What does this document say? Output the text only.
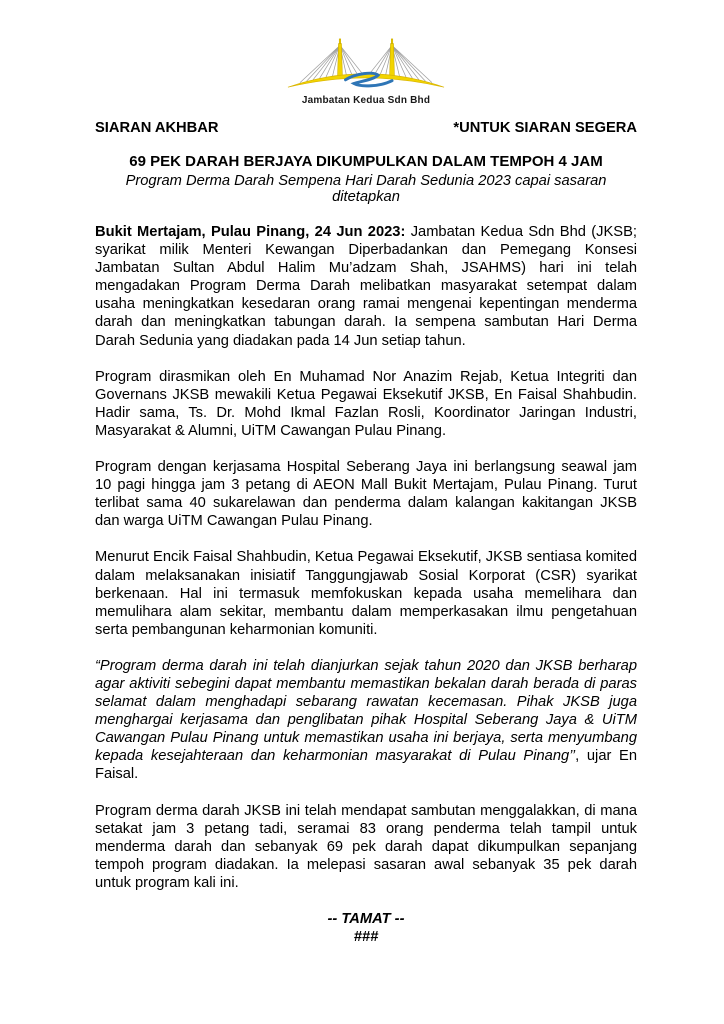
Jambatan Kedua Sdn Bhd
SIARAN AKHBAR	*UNTUK SIARAN SEGERA
69 PEK DARAH BERJAYA DIKUMPULKAN DALAM TEMPOH 4 JAM
Program Derma Darah Sempena Hari Darah Sedunia 2023 capai sasaran ditetapkan

Bukit Mertajam, Pulau Pinang, 24 Jun 2023: Jambatan Kedua Sdn Bhd (JKSB; syarikat milik Menteri Kewangan Diperbadankan dan Pemegang Konsesi Jambatan Sultan Abdul Halim Mu’adzam Shah, JSAHMS) hari ini telah mengadakan Program Derma Darah melibatkan masyarakat setempat dalam usaha meningkatkan kesedaran orang ramai mengenai kepentingan menderma darah dan meningkatkan tabungan darah. Ia sempena sambutan Hari Derma Darah Sedunia yang diadakan pada 14 Jun setiap tahun.

Program dirasmikan oleh En Muhamad Nor Anazim Rejab, Ketua Integriti dan Governans JKSB mewakili Ketua Pegawai Eksekutif JKSB, En Faisal Shahbudin. Hadir sama, Ts. Dr. Mohd Ikmal Fazlan Rosli, Koordinator Jaringan Industri, Masyarakat & Alumni, UiTM Cawangan Pulau Pinang.

Program dengan kerjasama Hospital Seberang Jaya ini berlangsung seawal jam 10 pagi hingga jam 3 petang di AEON Mall Bukit Mertajam, Pulau Pinang. Turut terlibat sama 40 sukarelawan dan penderma dalam kalangan kakitangan JKSB dan warga UiTM Cawangan Pulau Pinang.

Menurut Encik Faisal Shahbudin, Ketua Pegawai Eksekutif, JKSB sentiasa komited dalam melaksanakan inisiatif Tanggungjawab Sosial Korporat (CSR) syarikat berkenaan. Hal ini termasuk memfokuskan kepada usaha memelihara dan memulihara alam sekitar, membantu dalam memperkasakan ilmu pengetahuan serta pembangunan keharmonian komuniti.

“Program derma darah ini telah dianjurkan sejak tahun 2020 dan JKSB berharap agar aktiviti sebegini dapat membantu memastikan bekalan darah berada di paras selamat dalam menghadapi sebarang rawatan kecemasan. Pihak JKSB juga menghargai kerjasama dan penglibatan pihak Hospital Seberang Jaya & UiTM Cawangan Pulau Pinang untuk memastikan usaha ini berjaya, serta menyumbang kepada kesejahteraan dan keharmonian masyarakat di Pulau Pinang’’, ujar En Faisal.

Program derma darah JKSB ini telah mendapat sambutan menggalakkan, di mana setakat jam 3 petang tadi, seramai 83 orang penderma telah tampil untuk menderma darah dan sebanyak 69 pek darah dapat dikumpulkan sepanjang tempoh program diadakan. Ia melepasi sasaran awal sebanyak 35 pek darah untuk program kali ini.

-- TAMAT --
###
